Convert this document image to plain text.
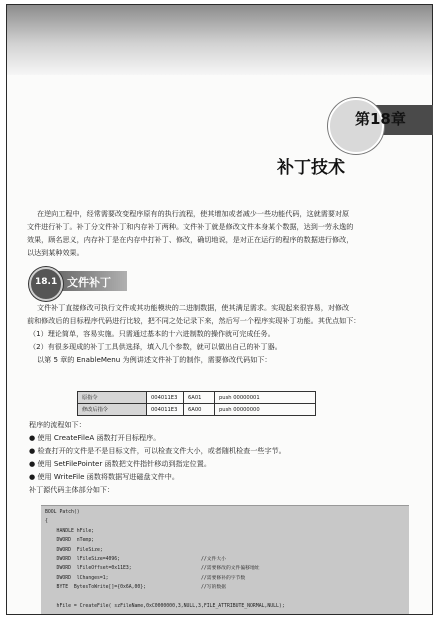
第18章
补丁技术
在逆向工程中，经常需要改变程序原有的执行流程，使其增加或者减少一些功能代码，这就需要对原
文件进行补丁。补丁分文件补丁和内存补丁两种。文件补丁就是修改文件本身某个数据，达到一劳永逸的
效果，顾名思义，内存补丁是在内存中打补丁、修改，确切地说，是对正在运行的程序的数据进行修改，
以达到某种效果。
18.1 文件补丁
文件补丁直接修改可执行文件或其功能模块的二进制数据，使其满足需求。实现起来很容易，对修改
前和修改后的目标程序代码进行比较，把不同之处记录下来，然后写一个程序实现补丁功能。其优点如下：
（1）理论简单，容易实施。只需通过基本的十六进制数的操作就可完成任务。
（2）有很多现成的补丁工具供选择，填入几个参数，就可以做出自己的补丁器。
以第 5 章的 EnableMenu 为例讲述文件补丁的制作，需要修改代码如下：
原指令	004011E3	6A01	push 00000001
修改后指令	004011E3	6A00	push 00000000
程序的流程如下：
● 使用 CreateFileA 函数打开目标程序。
● 检查打开的文件是不是目标文件，可以检查文件大小，或者随机检查一些字节。
● 使用 SetFilePointer 函数把文件指针移动到指定位置。
● 使用 WriteFile 函数将数据写进磁盘文件中。
补丁源代码主体部分如下：
BOOL Patch()
{
HANDLE hFile;
DWORD  nTemp;
DWORD  FileSize;
DWORD  lFileSize=4096;	//文件大小
DWORD  lFileOffset=0x11E3;	//需要修改的文件偏移地址
DWORD  lChanges=1;	//需要修补的字节数
BYTE  BytesToWrite[]={0x6A,00};	//写的数据
hFile = CreateFile( szFileName,0xC0000000,3,NULL,3,FILE_ATTRIBUTE_NORMAL,NULL);
